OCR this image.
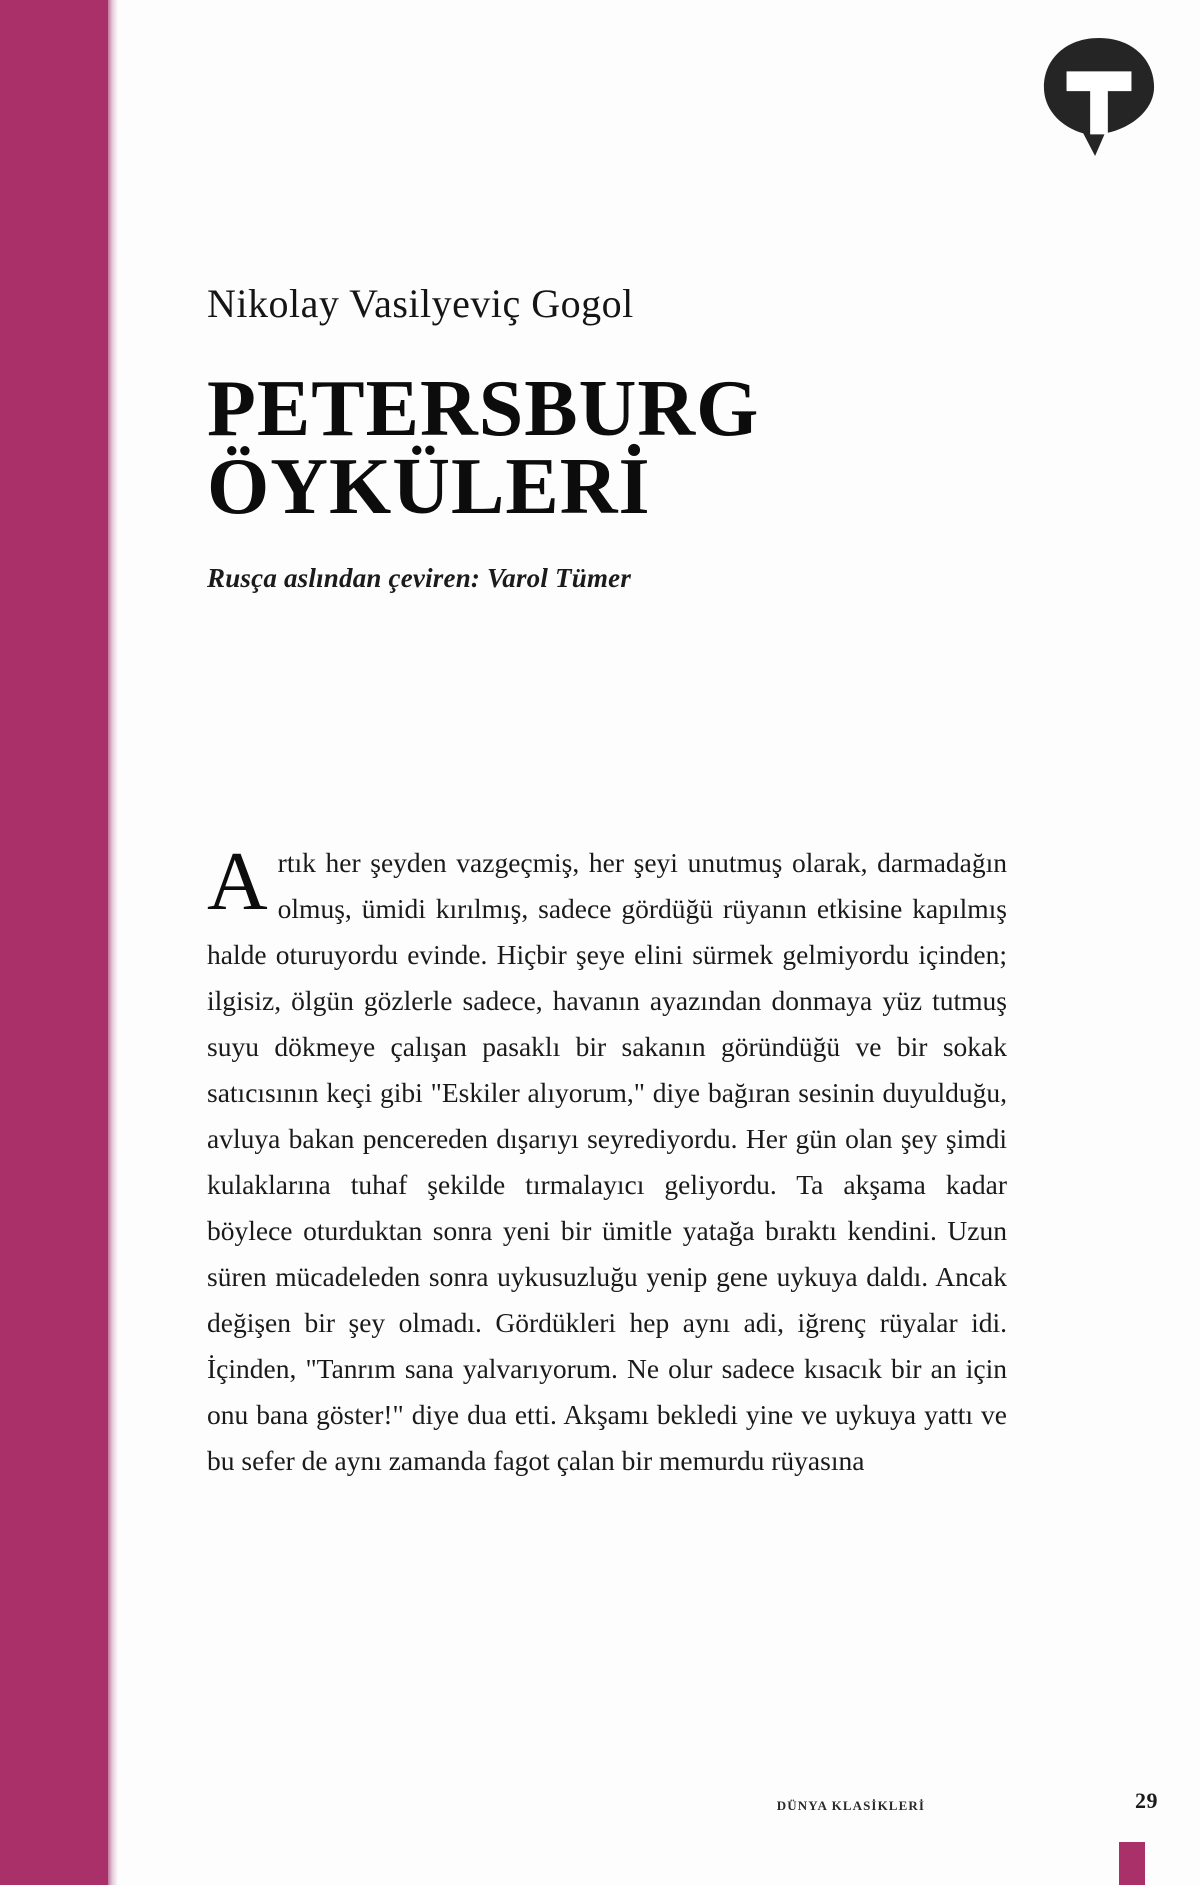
Nikolay Vasilyeviç Gogol
PETERSBURG
ÖYKÜLERİ

Rusça aslından çeviren: Varol Tümer

Artık her şeyden vazgeçmiş, her şeyi unutmuş olarak, darmadağın olmuş, ümidi kırılmış, sadece gördüğü rüyanın etkisine kapılmış halde oturuyordu evinde. Hiçbir şeye elini sürmek gelmiyordu içinden; ilgisiz, ölgün gözlerle sadece, havanın ayazından donmaya yüz tutmuş suyu dökmeye çalışan pasaklı bir sakanın göründüğü ve bir sokak satıcısının keçi gibi "Eskiler alıyorum," diye bağıran sesinin duyulduğu, avluya bakan pencereden dışarıyı seyrediyordu. Her gün olan şey şimdi kulaklarına tuhaf şekilde tırmalayıcı geliyordu. Ta akşama kadar böylece oturduktan sonra yeni bir ümitle yatağa bıraktı kendini. Uzun süren mücadeleden sonra uykusuzluğu yenip gene uykuya daldı. Ancak değişen bir şey olmadı. Gördükleri hep aynı adi, iğrenç rüyalar idi. İçinden, "Tanrım sana yalvarıyorum. Ne olur sadece kısacık bir an için onu bana göster!" diye dua etti. Akşamı bekledi yine ve uykuya yattı ve bu sefer de aynı zamanda fagot çalan bir memurdu rüyasına

DÜNYA KLASİKLERİ	29
